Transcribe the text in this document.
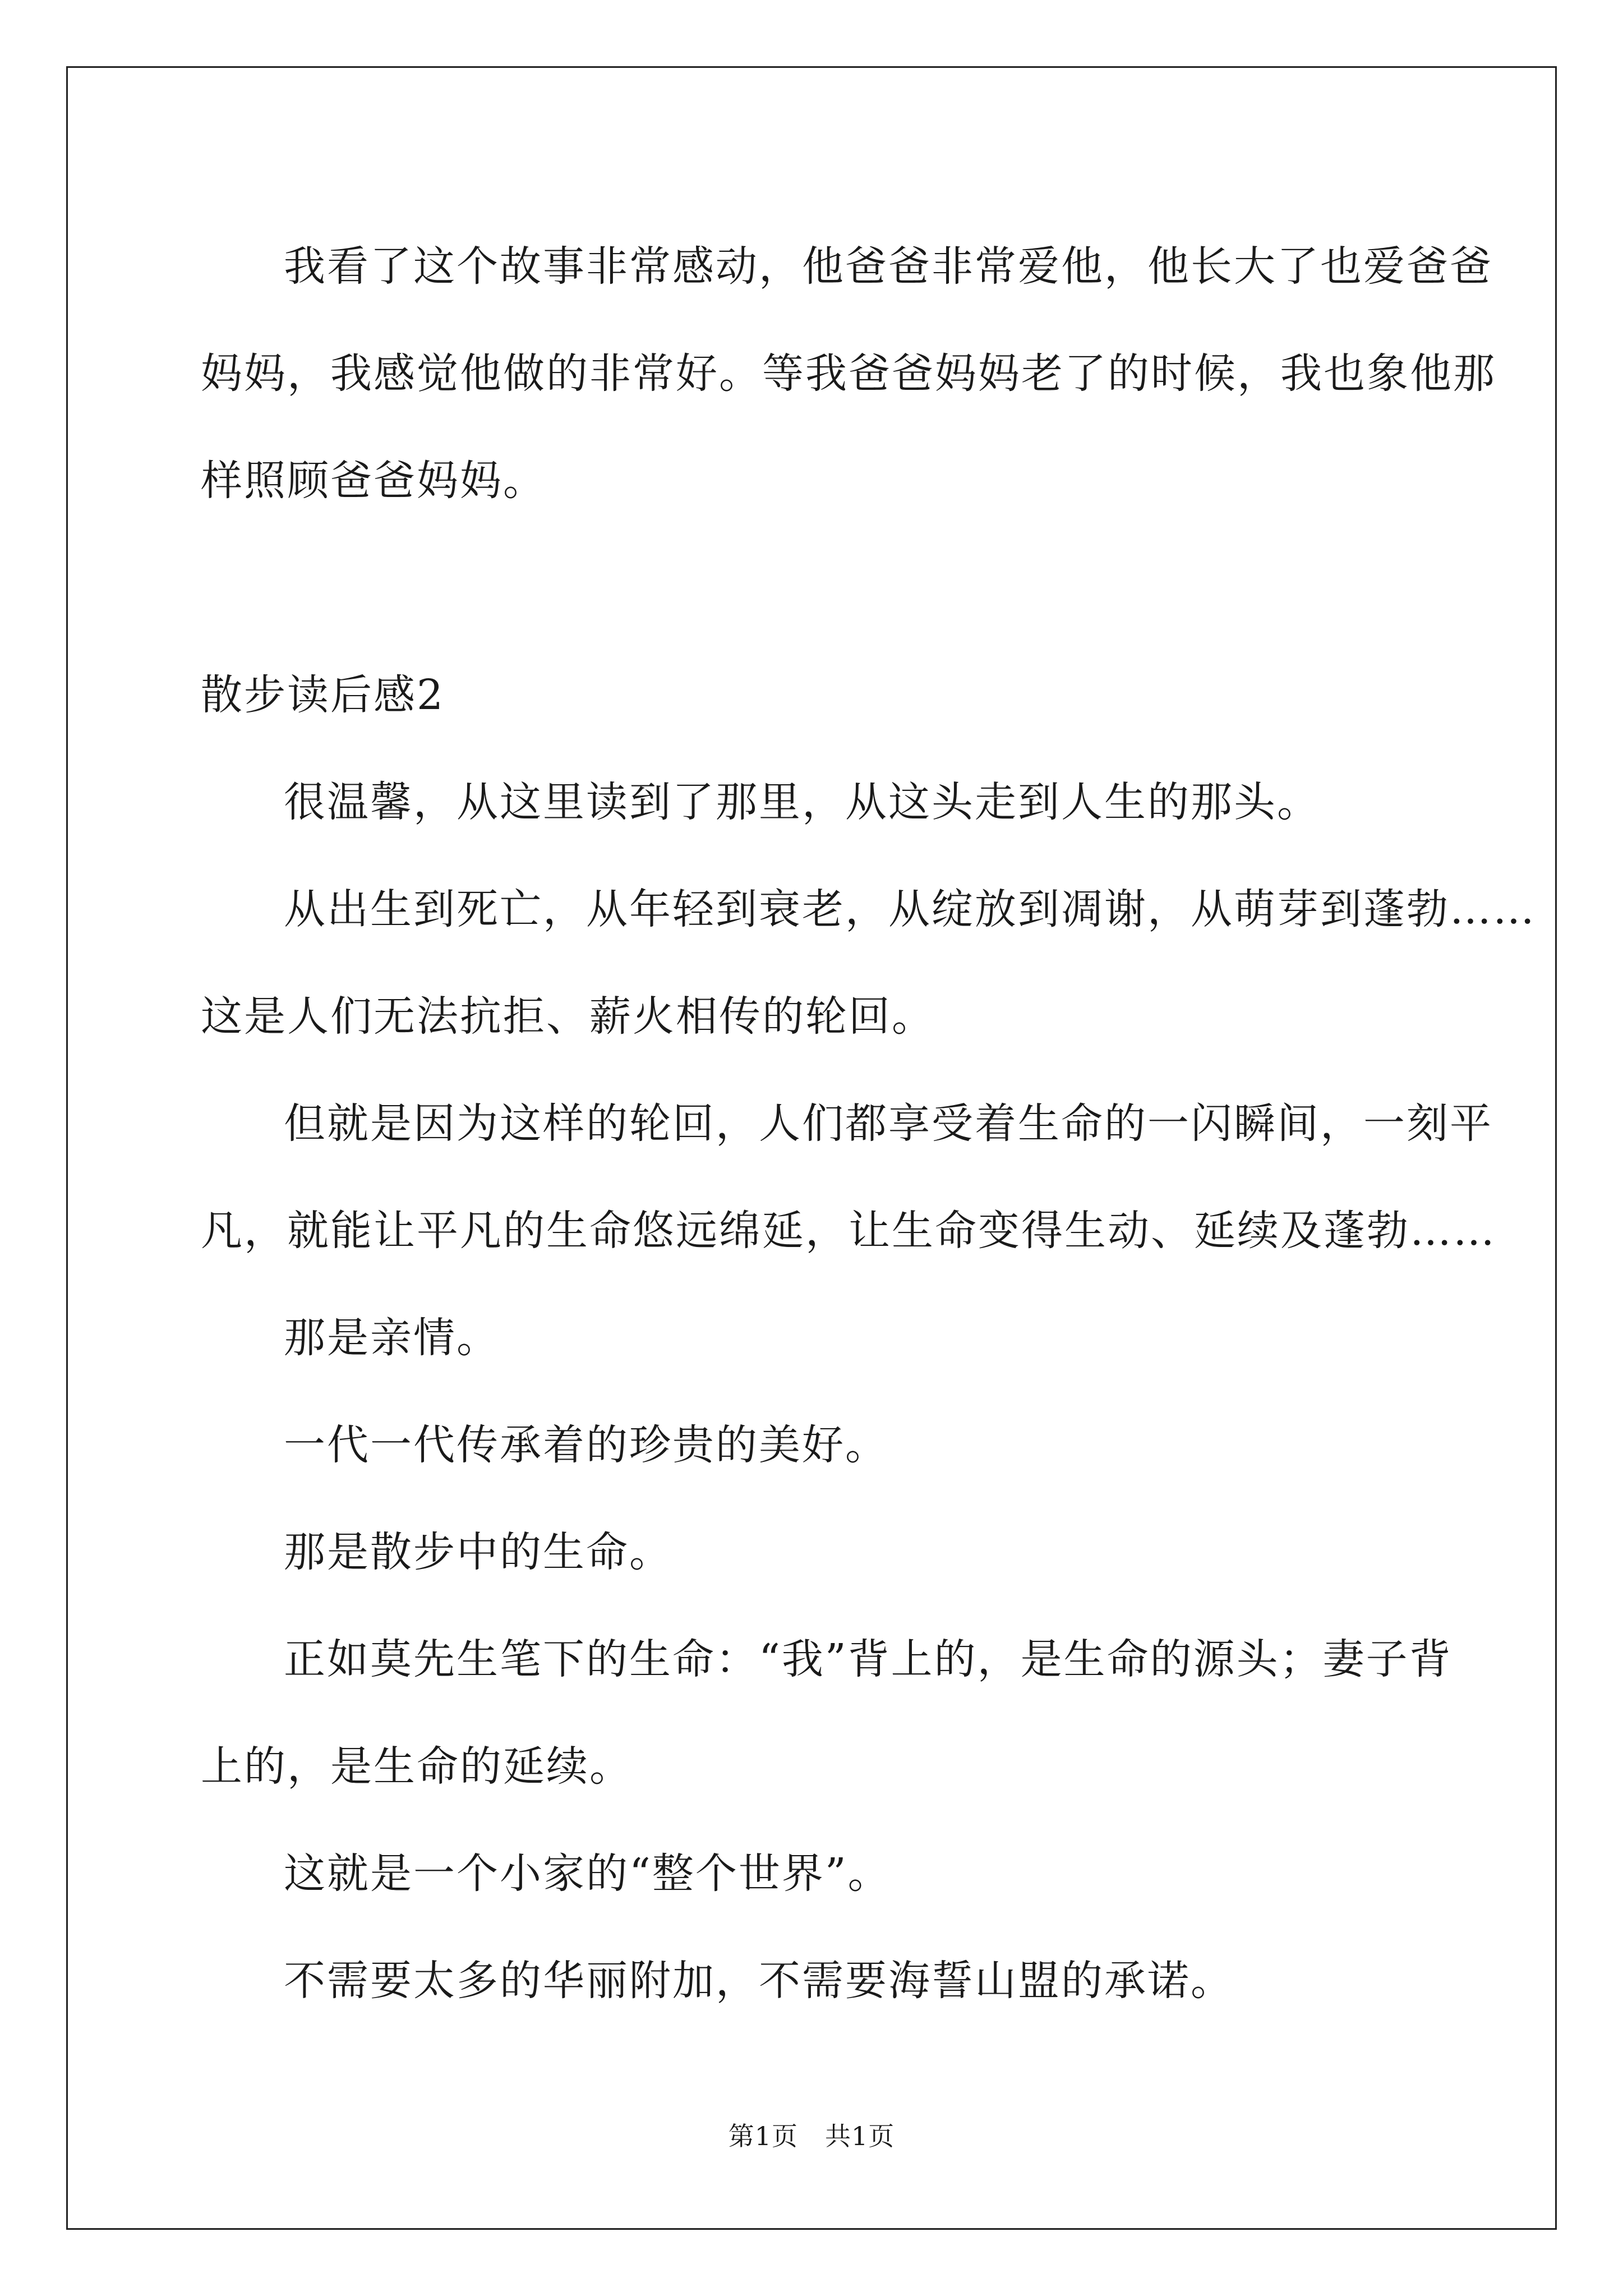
我看了这个故事非常感动，他爸爸非常爱他，他长大了也爱爸爸

妈妈，我感觉他做的非常好。等我爸爸妈妈老了的时候，我也象他那

样照顾爸爸妈妈。

散步读后感2

很温馨，从这里读到了那里，从这头走到人生的那头。

从出生到死亡，从年轻到衰老，从绽放到凋谢，从萌芽到蓬勃……

这是人们无法抗拒、薪火相传的轮回。

但就是因为这样的轮回，人们都享受着生命的一闪瞬间，一刻平

凡，就能让平凡的生命悠远绵延，让生命变得生动、延续及蓬勃……

那是亲情。

一代一代传承着的珍贵的美好。

那是散步中的生命。

正如莫先生笔下的生命：“我”背上的，是生命的源头；妻子背

上的，是生命的延续。

这就是一个小家的“整个世界”。

不需要太多的华丽附加，不需要海誓山盟的承诺。

第1页 共1页
